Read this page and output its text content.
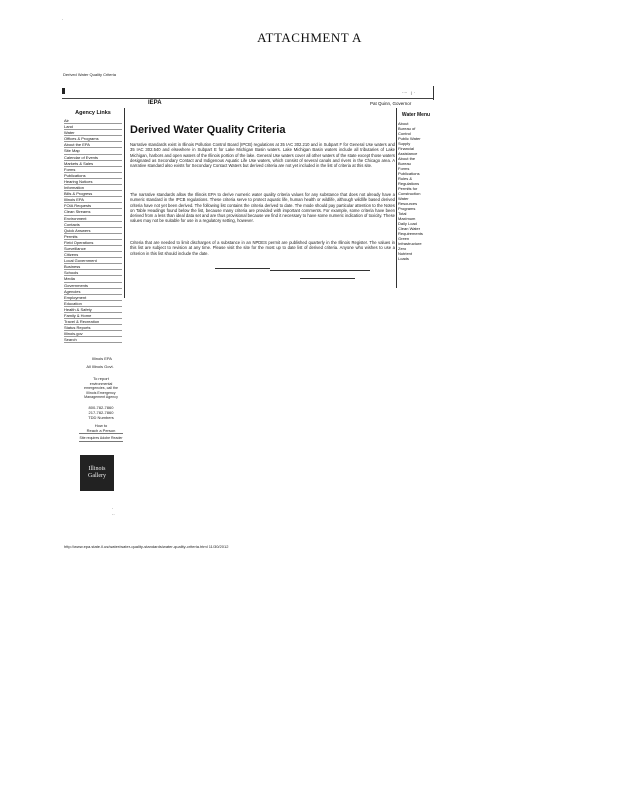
ATTACHMENT A
·
Derived Water Quality Criteria
····   |  ·
IEPA	Pat Quinn, Governor
Agency Links
Air
Land
Water
Offices & Programs
About the EPA
Site Map
Calendar of Events
Markets & Sales
Forms
Publications
Hearing Notices
Information
Bills & Progress
Illinois EPA
FOIA Requests
Clean Streams
Environment
Contacts
Quick Answers
Permits
Field Operations
Surveillance
Citizens
Local Government
Business
Schools
Media
Governments
Agencies
Employment
Education
Health & Safety
Family & Home
Travel & Recreation
Status Reports
Illinois.gov
Search
Derived Water Quality Criteria
Narrative standards exist in Illinois Pollution Control Board (IPCB) regulations at 35 IAC 302.210 and in Subpart F for General Use waters and 35 IAC 302.540 and elsewhere in Subpart E for Lake Michigan Basin waters. Lake Michigan Basin waters include all tributaries of Lake Michigan, harbors and open waters of the Illinois portion of the lake. General Use waters cover all other waters of the state except those waters designated as Secondary Contact and Indigenous Aquatic Life Use waters, which consist of several canals and rivers in the Chicago area. A narrative standard also exists for Secondary Contact Waters but derived criteria are not yet included in the list of criteria at this site.
The narrative standards allow the Illinois EPA to derive numeric water quality criteria values for any substance that does not already have a numeric standard in the IPCB regulations. These criteria serve to protect aquatic life, human health or wildlife, although wildlife based derived criteria have not yet been derived. The following list contains the criteria derived to date. The mode should pay particular attention to the Notes on Table Headings found below the list, because many criteria are provided with important comments. For example, some criteria have been derived from a less than ideal data set and are thus provisional because we find it necessary to have some numeric indication of toxicity. These values may not be suitable for use in a regulatory setting, however.
Criteria that are needed to limit discharges of a substance in an NPDES permit are published quarterly in the Illinois Register. The values in this list are subject to revision at any time. Please visit the site for the most up to date list of derived criteria. Anyone who wishes to use a criterion in this list should include the date.
Water Menu
About
Bureau of
Control
Public Water
Supply
Financial
Assistance
About the
Bureau
Forms
Publications
Rules &
Regulations
Permits for
Construction
Water
Resources
Programs
Total
Maximum
Daily Load
Clean Water
Requirements
Green
Infrastructure
Zero
Nutrient
Loads
Illinois EPA
All Illinois Govt.
To report
environmental emergencies, call the Illinois Emergency Management Agency
800-782-7860
217-782-7860
TDD Numbers
How to
Reach a Person
Site requires Adobe Reader
Illinois Gallery
·
··
http://www.epa.state.il.us/water/water-quality-standards/water-quality-criteria.html 11/30/2012
